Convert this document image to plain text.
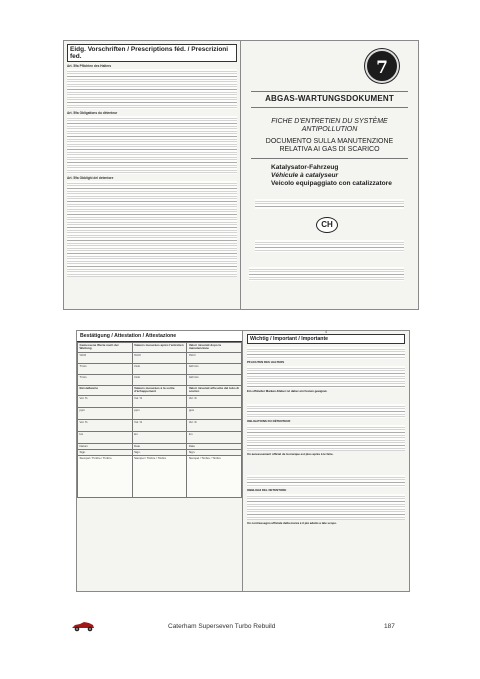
Eidg. Vorschriften / Prescriptions féd. / Prescrizioni fed.
Art. 59a Pflichten des Halters
Art. 59a Obligations du détenteur
Art. 59a Obblighi del detentore
7
ABGAS-WARTUNGSDOKUMENT
FICHE D'ENTRETIEN DU SYSTÈME ANTIPOLLUTION
DOCUMENTO SULLA MANUTENZIONE RELATIVA AI GAS DI SCARICO
Katalysator-Fahrzeug
Véhicule à catalyseur
Veicolo equipaggiato con catalizzatore
CH
4
Bestätigung / Attestation / Attestazione
Gemessene Werte nach der Wartung	Valeurs mesurées après l'entretien	Valori misurati dopo la manutenzione
%CO	%CO	%CO
T/min	t/min	Giri/min
T/min	t/min	Giri/min
Einstellwerte	Valeurs mesurées à la sortie d'échappement	Valori misurati all'uscita del tubo di scarico
Vol. %	Vol. %	Vol. %
ppm	ppm	ppm
Vol. %	Vol. %	Vol. %
km	km	km
Datum	Date	Data
Sign.	Sign.	Sign.
Stempel / Timbre / Timbro	Stempel / Timbre / Timbro	Stempel / Timbre / Timbro
Wichtig / Important / Importante
PFLICHTEN DES HALTERS
Ein offizieller Marken-Kleber ist daher ein Festen geeignet.
OBLIGATIONS DU DÉTENTEUR
Un aureessement officiel de la marque est plus après à le faire.
OBBLIGHI DEL DETENTORE
Un contrassegno ufficiale della marca è il più adatto a tale scopo.
Caterham Superseven Turbo Rebuild	187
